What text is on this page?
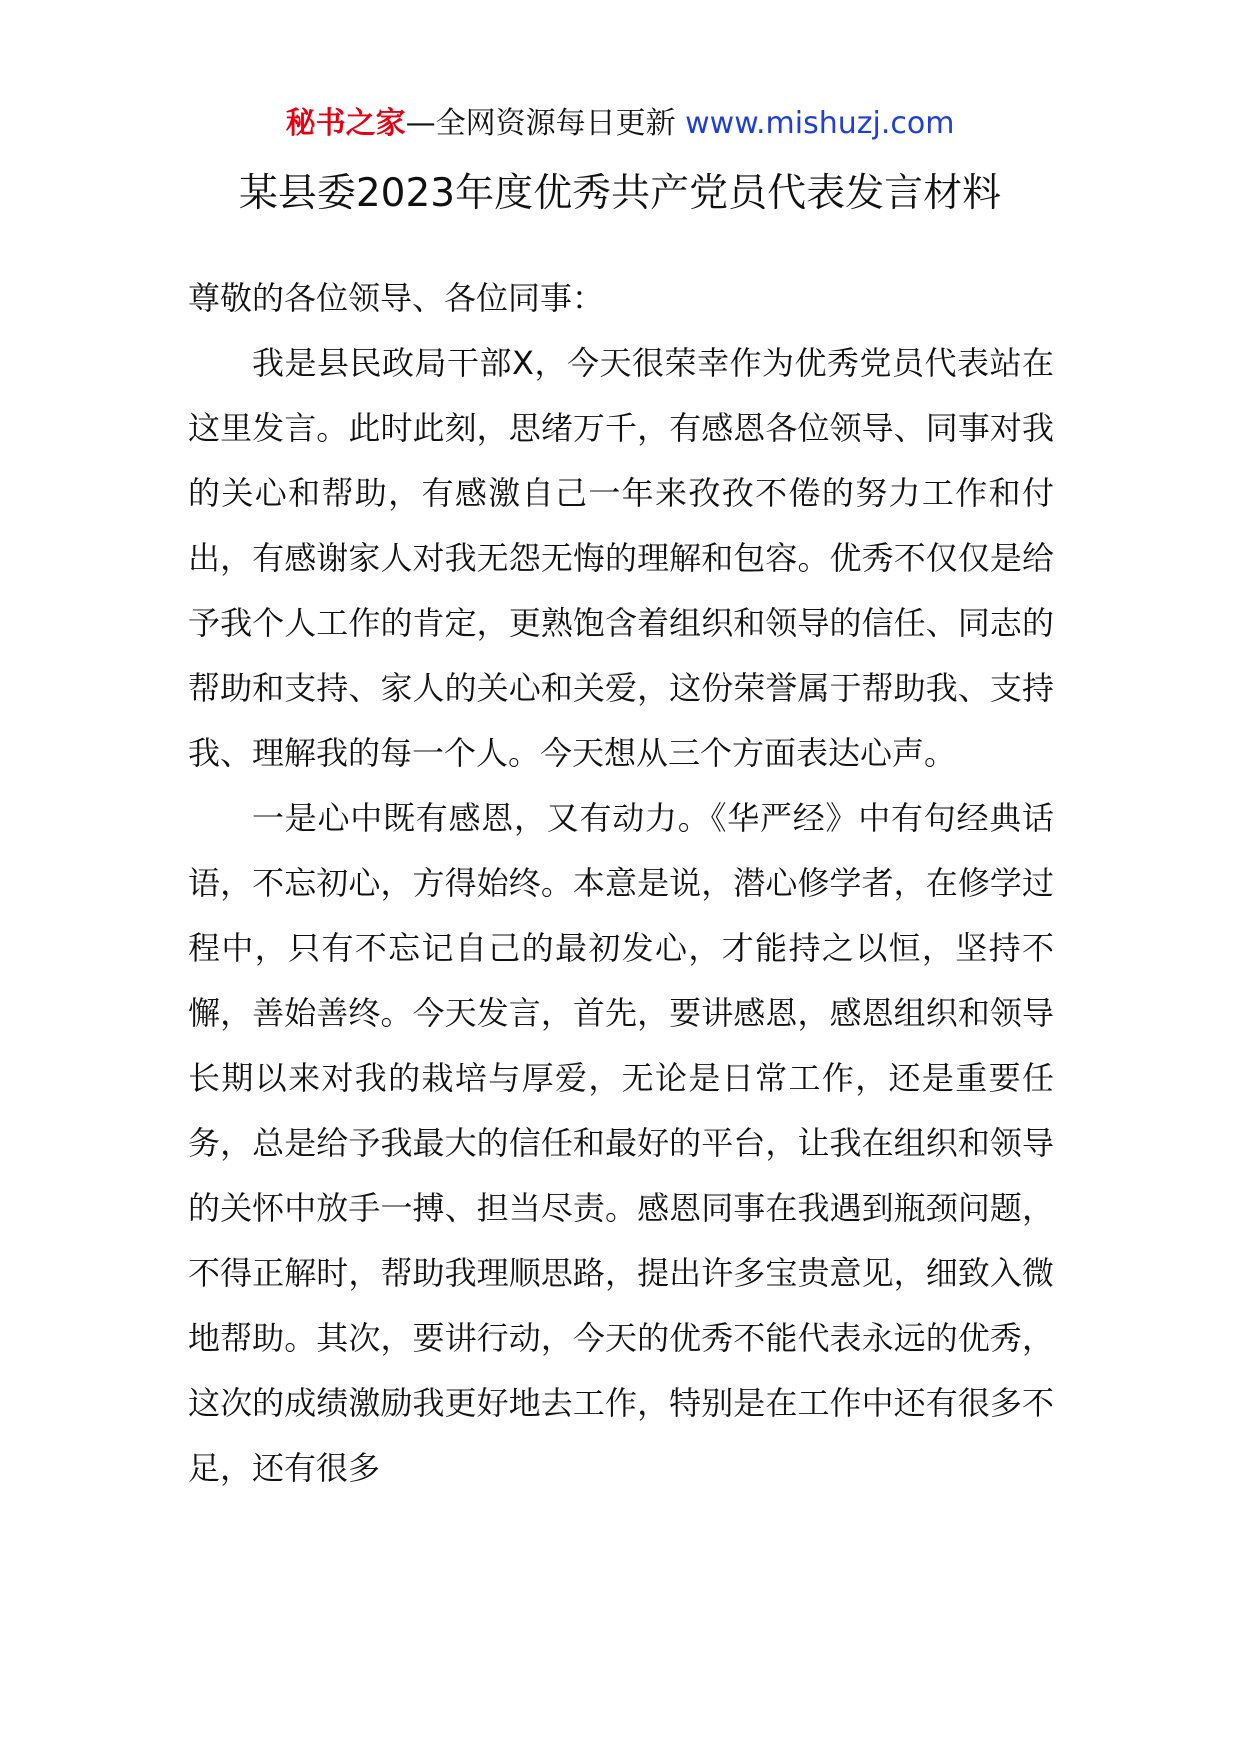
秘书之家—全网资源每日更新 www.mishuzj.com
某县委2023年度优秀共产党员代表发言材料

尊敬的各位领导、各位同事：

我是县民政局干部X，今天很荣幸作为优秀党员代表站在这里发言。此时此刻，思绪万千，有感恩各位领导、同事对我的关心和帮助，有感激自己一年来孜孜不倦的努力工作和付出，有感谢家人对我无怨无悔的理解和包容。优秀不仅仅是给予我个人工作的肯定，更熟饱含着组织和领导的信任、同志的帮助和支持、家人的关心和关爱，这份荣誉属于帮助我、支持我、理解我的每一个人。今天想从三个方面表达心声。

一是心中既有感恩，又有动力。《华严经》中有句经典话语，不忘初心，方得始终。本意是说，潜心修学者，在修学过程中，只有不忘记自己的最初发心，才能持之以恒，坚持不懈，善始善终。今天发言，首先，要讲感恩，感恩组织和领导长期以来对我的栽培与厚爱，无论是日常工作，还是重要任务，总是给予我最大的信任和最好的平台，让我在组织和领导的关怀中放手一搏、担当尽责。感恩同事在我遇到瓶颈问题，不得正解时，帮助我理顺思路，提出许多宝贵意见，细致入微地帮助。其次，要讲行动，今天的优秀不能代表永远的优秀，这次的成绩激励我更好地去工作，特别是在工作中还有很多不足，还有很多
